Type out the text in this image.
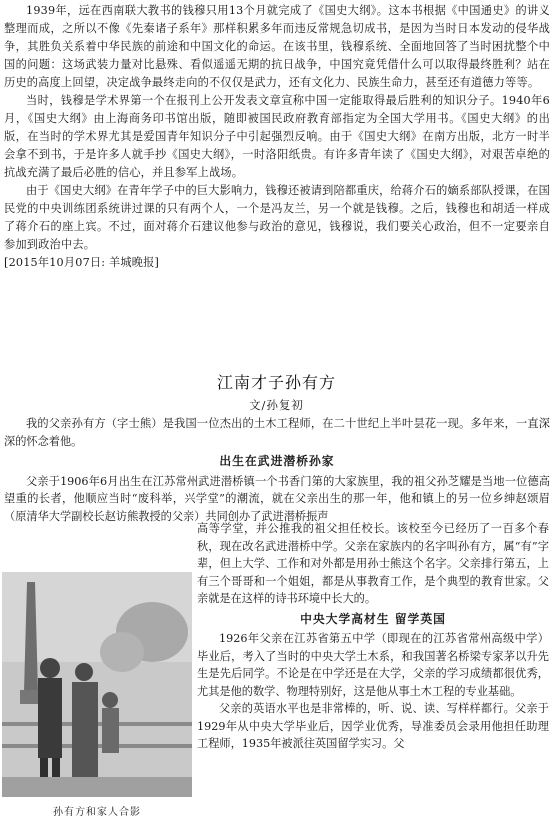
1939年，远在西南联大教书的钱穆只用13个月就完成了《国史大纲》。这本书根据《中国通史》的讲义整理而成，之所以不像《先秦诸子系年》那样积累多年而违反常规急切成书，是因为当时日本发动的侵华战争，其胜负关系着中华民族的前途和中国文化的命运。在该书里，钱穆系统、全面地回答了当时困扰整个中国的问题：这场武装力量对比悬殊、看似遥遥无期的抗日战争，中国究竟凭借什么可以取得最终胜利？站在历史的高度上回望，决定战争最终走向的不仅仅是武力，还有文化力、民族生命力，甚至还有道德力等等。

当时，钱穆是学术界第一个在报刊上公开发表文章宣称中国一定能取得最后胜利的知识分子。1940年6月，《国史大纲》由上海商务印书馆出版，随即被国民政府教育部指定为全国大学用书。《国史大纲》的出版，在当时的学术界尤其是爱国青年知识分子中引起强烈反响。由于《国史大纲》在南方出版，北方一时半会拿不到书，于是许多人就手抄《国史大纲》，一时洛阳纸贵。有许多青年读了《国史大纲》，对艰苦卓绝的抗战充满了最后必胜的信心，并且参军上战场。

由于《国史大纲》在青年学子中的巨大影响力，钱穆还被请到陪都重庆，给蒋介石的嫡系部队授课，在国民党的中央训练团系统讲过课的只有两个人，一个是冯友兰，另一个就是钱穆。之后，钱穆也和胡适一样成了蒋介石的座上宾。不过，面对蒋介石建议他参与政治的意见，钱穆说，我们要关心政治，但不一定要亲自参加到政治中去。

[2015年10月07日: 羊城晚报]

江南才子孙有方
文/孙复初

我的父亲孙有方（字士熊）是我国一位杰出的土木工程师，在二十世纪上半叶昙花一现。多年来，一直深深的怀念着他。

出生在武进潜桥孙家

父亲于1906年6月出生在江苏常州武进潜桥镇一个书香门第的大家族里，我的祖父孙芝耀是当地一位德高望重的长者，他顺应当时“废科举，兴学堂”的潮流，就在父亲出生的那一年，他和镇上的另一位乡绅赵颂眉（原清华大学副校长赵访熊教授的父亲）共同创办了武进潜桥振声

孙有方和家人合影

高等学堂，并公推我的祖父担任校长。该校至今已经历了一百多个春秋，现在改名武进潜桥中学。父亲在家族内的名字叫孙有方，属“有”字辈，但上大学、工作和对外都是用孙士熊这个名字。父亲排行第五，上有三个哥哥和一个姐姐，都是从事教育工作，是个典型的教育世家。父亲就是在这样的诗书环境中长大的。

中央大学高材生 留学英国

1926年父亲在江苏省第五中学（即现在的江苏省常州高级中学）毕业后，考入了当时的中央大学土木系，和我国著名桥梁专家茅以升先生是先后同学。不论是在中学还是在大学，父亲的学习成绩都很优秀，尤其是他的数学、物理特别好，这是他从事土木工程的专业基础。

父亲的英语水平也是非常棒的，听、说、读、写样样都行。父亲于1929年从中央大学毕业后，因学业优秀，导准委员会录用他担任助理工程师，1935年被派往英国留学实习。父
